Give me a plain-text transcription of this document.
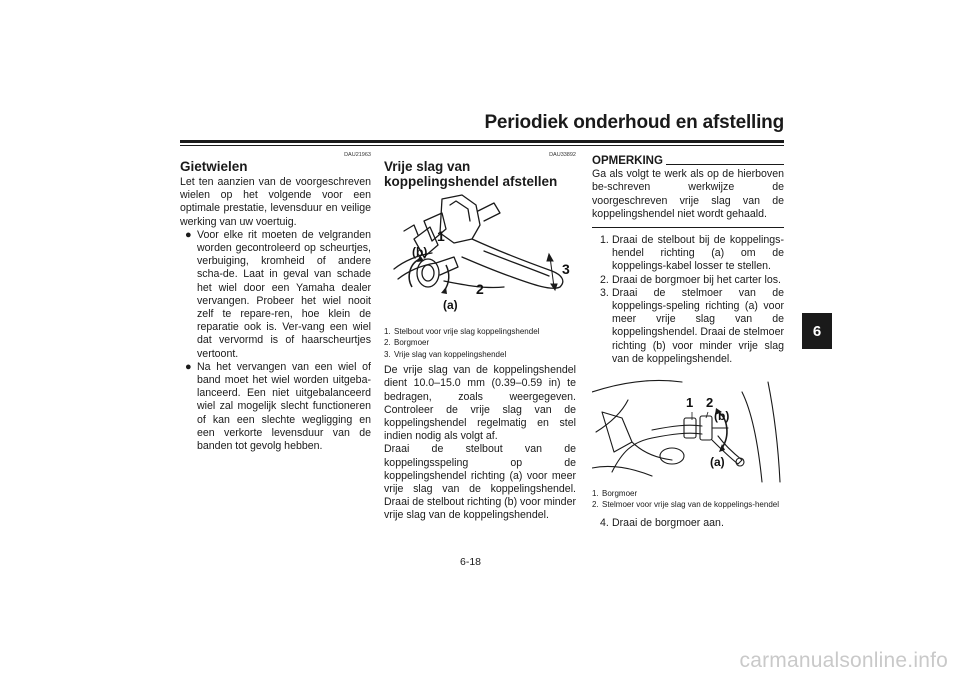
Periodiek onderhoud en afstelling
6
DAU21963
Gietwielen
Let ten aanzien van de voorgeschreven wielen op het volgende voor een optimale prestatie, levensduur en veilige werking van uw voertuig.
● Voor elke rit moeten de velgranden worden gecontroleerd op scheurtjes, verbuiging, kromheid of andere scha-de. Laat in geval van schade het wiel door een Yamaha dealer vervangen. Probeer het wiel nooit zelf te repare-ren, hoe klein de reparatie ook is. Ver-vang een wiel dat vervormd is of haarscheurtjes vertoont.
● Na het vervangen van een wiel of band moet het wiel worden uitgeba-lanceerd. Een niet uitgebalanceerd wiel zal mogelijk slecht functioneren of kan een slechte wegligging en een verkorte levensduur van de banden tot gevolg hebben.
DAU33892
Vrije slag van koppelingshendel afstellen
1
(b)
3
2
(a)
1. Stelbout voor vrije slag koppelingshendel
2. Borgmoer
3. Vrije slag van koppelingshendel
De vrije slag van de koppelingshendel dient 10.0–15.0 mm (0.39–0.59 in) te bedragen, zoals weergegeven. Controleer de vrije slag van de koppelingshendel regelmatig en stel indien nodig als volgt af.
Draai de stelbout van de koppelingsspeling op de koppelingshendel richting (a) voor meer vrije slag van de koppelingshendel. Draai de stelbout richting (b) voor minder vrije slag van de koppelingshendel.
OPMERKING
Ga als volgt te werk als op de hierboven be-schreven werkwijze de voorgeschreven vrije slag van de koppelingshendel niet wordt gehaald.
1. Draai de stelbout bij de koppelings-hendel richting (a) om de koppelings-kabel losser te stellen.
2. Draai de borgmoer bij het carter los.
3. Draai de stelmoer van de koppelings-speling richting (a) voor meer vrije slag van de koppelingshendel. Draai de stelmoer richting (b) voor minder vrije slag van de koppelingshendel.
1 2
(b)
(a)
1. Borgmoer
2. Stelmoer voor vrije slag van de koppelings-hendel
4. Draai de borgmoer aan.
6-18
carmanualsonline.info
